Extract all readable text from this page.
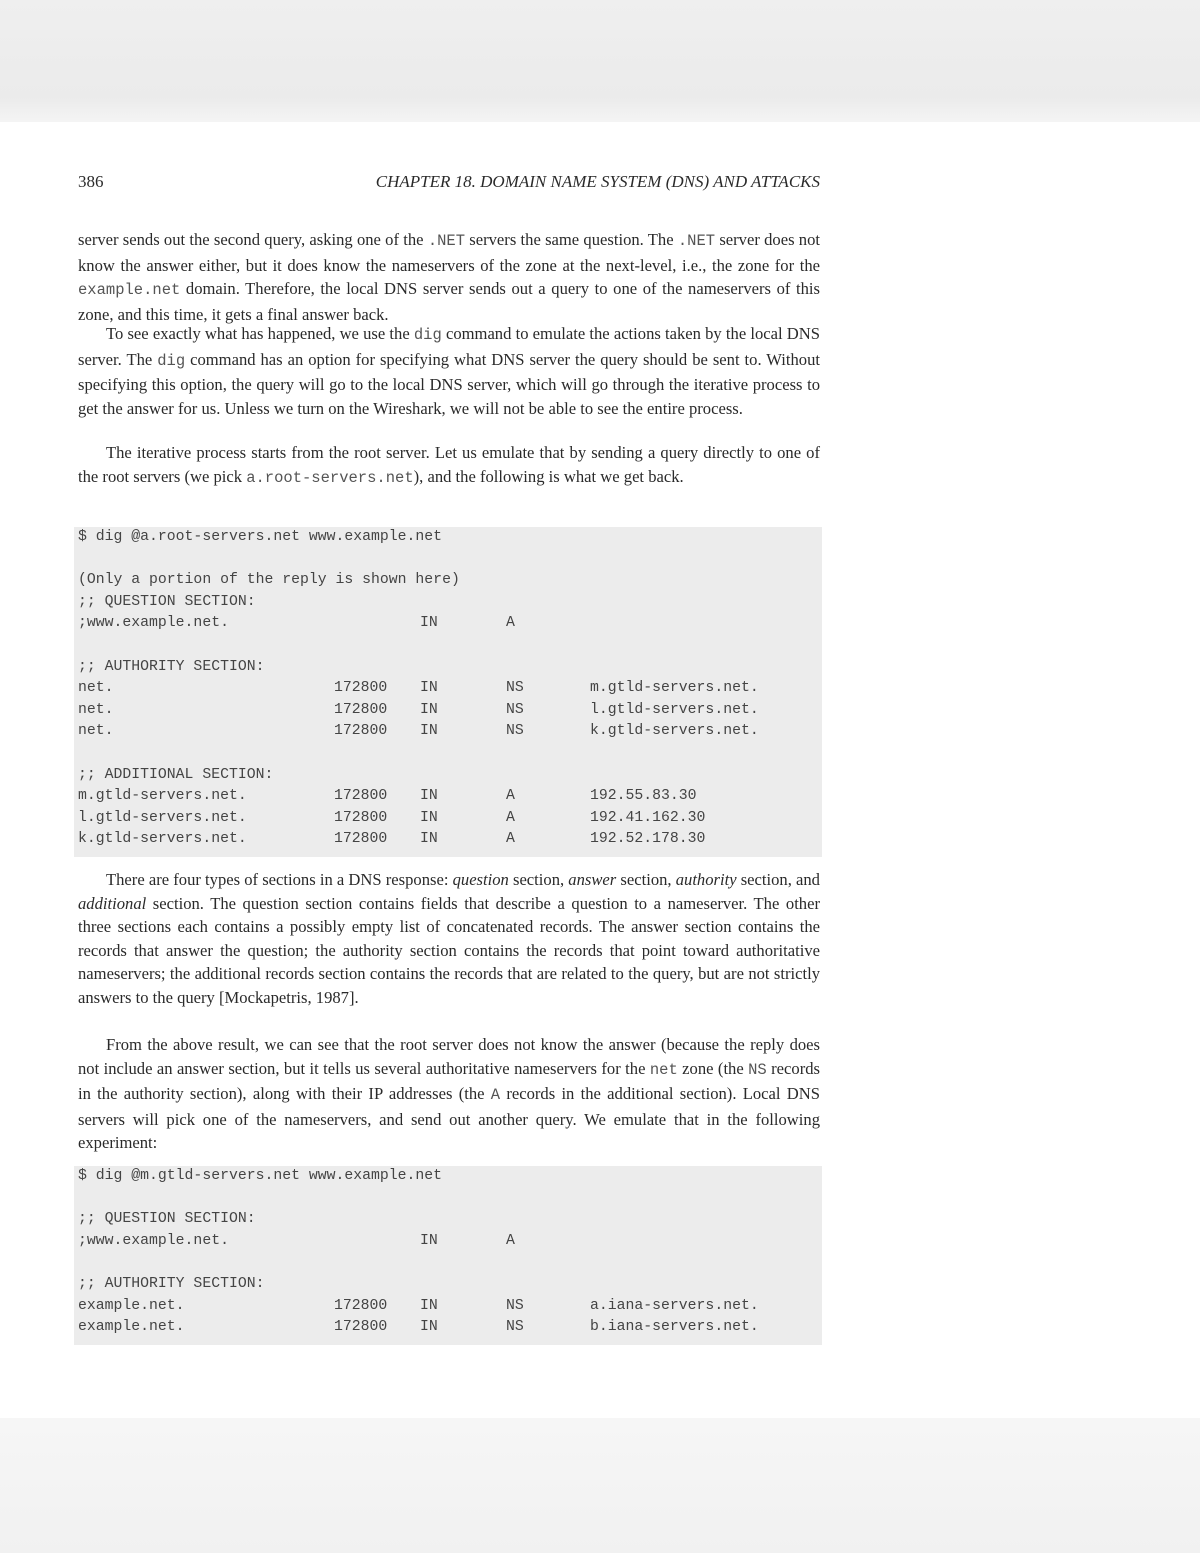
386	CHAPTER 18. DOMAIN NAME SYSTEM (DNS) AND ATTACKS

server sends out the second query, asking one of the .NET servers the same question. The .NET server does not know the answer either, but it does know the nameservers of the zone at the next-level, i.e., the zone for the example.net domain. Therefore, the local DNS server sends out a query to one of the nameservers of this zone, and this time, it gets a final answer back.

To see exactly what has happened, we use the dig command to emulate the actions taken by the local DNS server. The dig command has an option for specifying what DNS server the query should be sent to. Without specifying this option, the query will go to the local DNS server, which will go through the iterative process to get the answer for us. Unless we turn on the Wireshark, we will not be able to see the entire process.

The iterative process starts from the root server. Let us emulate that by sending a query directly to one of the root servers (we pick a.root-servers.net), and the following is what we get back.

$ dig @a.root-servers.net www.example.net
(Only a portion of the reply is shown here)
;; QUESTION SECTION:
;www.example.net.	IN	A
;; AUTHORITY SECTION:
net.	172800 IN	NS	m.gtld-servers.net.
net.	172800 IN	NS	l.gtld-servers.net.
net.	172800 IN	NS	k.gtld-servers.net.
;; ADDITIONAL SECTION:
m.gtld-servers.net.	172800 IN	A	192.55.83.30
l.gtld-servers.net.	172800 IN	A	192.41.162.30
k.gtld-servers.net.	172800 IN	A	192.52.178.30

There are four types of sections in a DNS response: question section, answer section, authority section, and additional section. The question section contains fields that describe a question to a nameserver. The other three sections each contains a possibly empty list of concatenated records. The answer section contains the records that answer the question; the authority section contains the records that point toward authoritative nameservers; the additional records section contains the records that are related to the query, but are not strictly answers to the query [Mockapetris, 1987].

From the above result, we can see that the root server does not know the answer (because the reply does not include an answer section, but it tells us several authoritative nameservers for the net zone (the NS records in the authority section), along with their IP addresses (the A records in the additional section). Local DNS servers will pick one of the nameservers, and send out another query. We emulate that in the following experiment:

$ dig @m.gtld-servers.net www.example.net
;; QUESTION SECTION:
;www.example.net.	IN	A
;; AUTHORITY SECTION:
example.net.	172800 IN	NS	a.iana-servers.net.
example.net.	172800 IN	NS	b.iana-servers.net.
